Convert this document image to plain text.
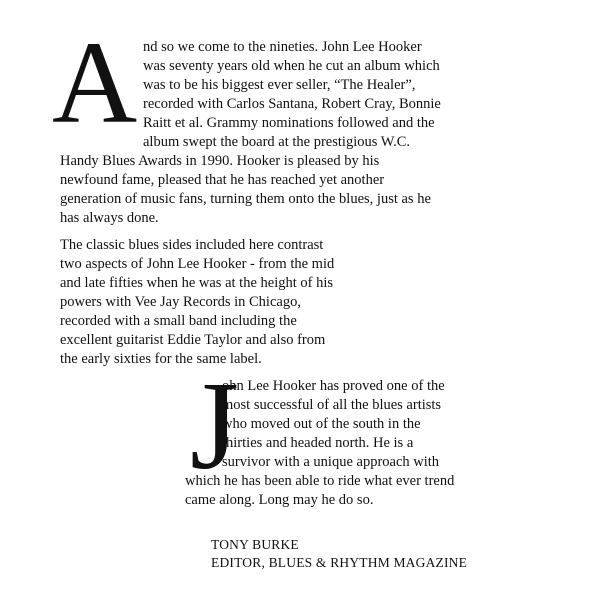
A nd so we come to the nineties. John Lee Hooker
was seventy years old when he cut an album which
was to be his biggest ever seller, “The Healer”,
recorded with Carlos Santana, Robert Cray, Bonnie
Raitt et al. Grammy nominations followed and the
album swept the board at the prestigious W.C.
Handy Blues Awards in 1990. Hooker is pleased by his
newfound fame, pleased that he has reached yet another
generation of music fans, turning them onto the blues, just as he
has always done.
The classic blues sides included here contrast
two aspects of John Lee Hooker - from the mid
and late fifties when he was at the height of his
powers with Vee Jay Records in Chicago,
recorded with a small band including the
excellent guitarist Eddie Taylor and also from
the early sixties for the same label.
J
ohn Lee Hooker has proved one of the
most successful of all the blues artists
who moved out of the south in the
thirties and headed north. He is a
survivor with a unique approach with
which he has been able to ride what ever trend
came along. Long may he do so.
TONY BURKE
EDITOR, BLUES & RHYTHM MAGAZINE
